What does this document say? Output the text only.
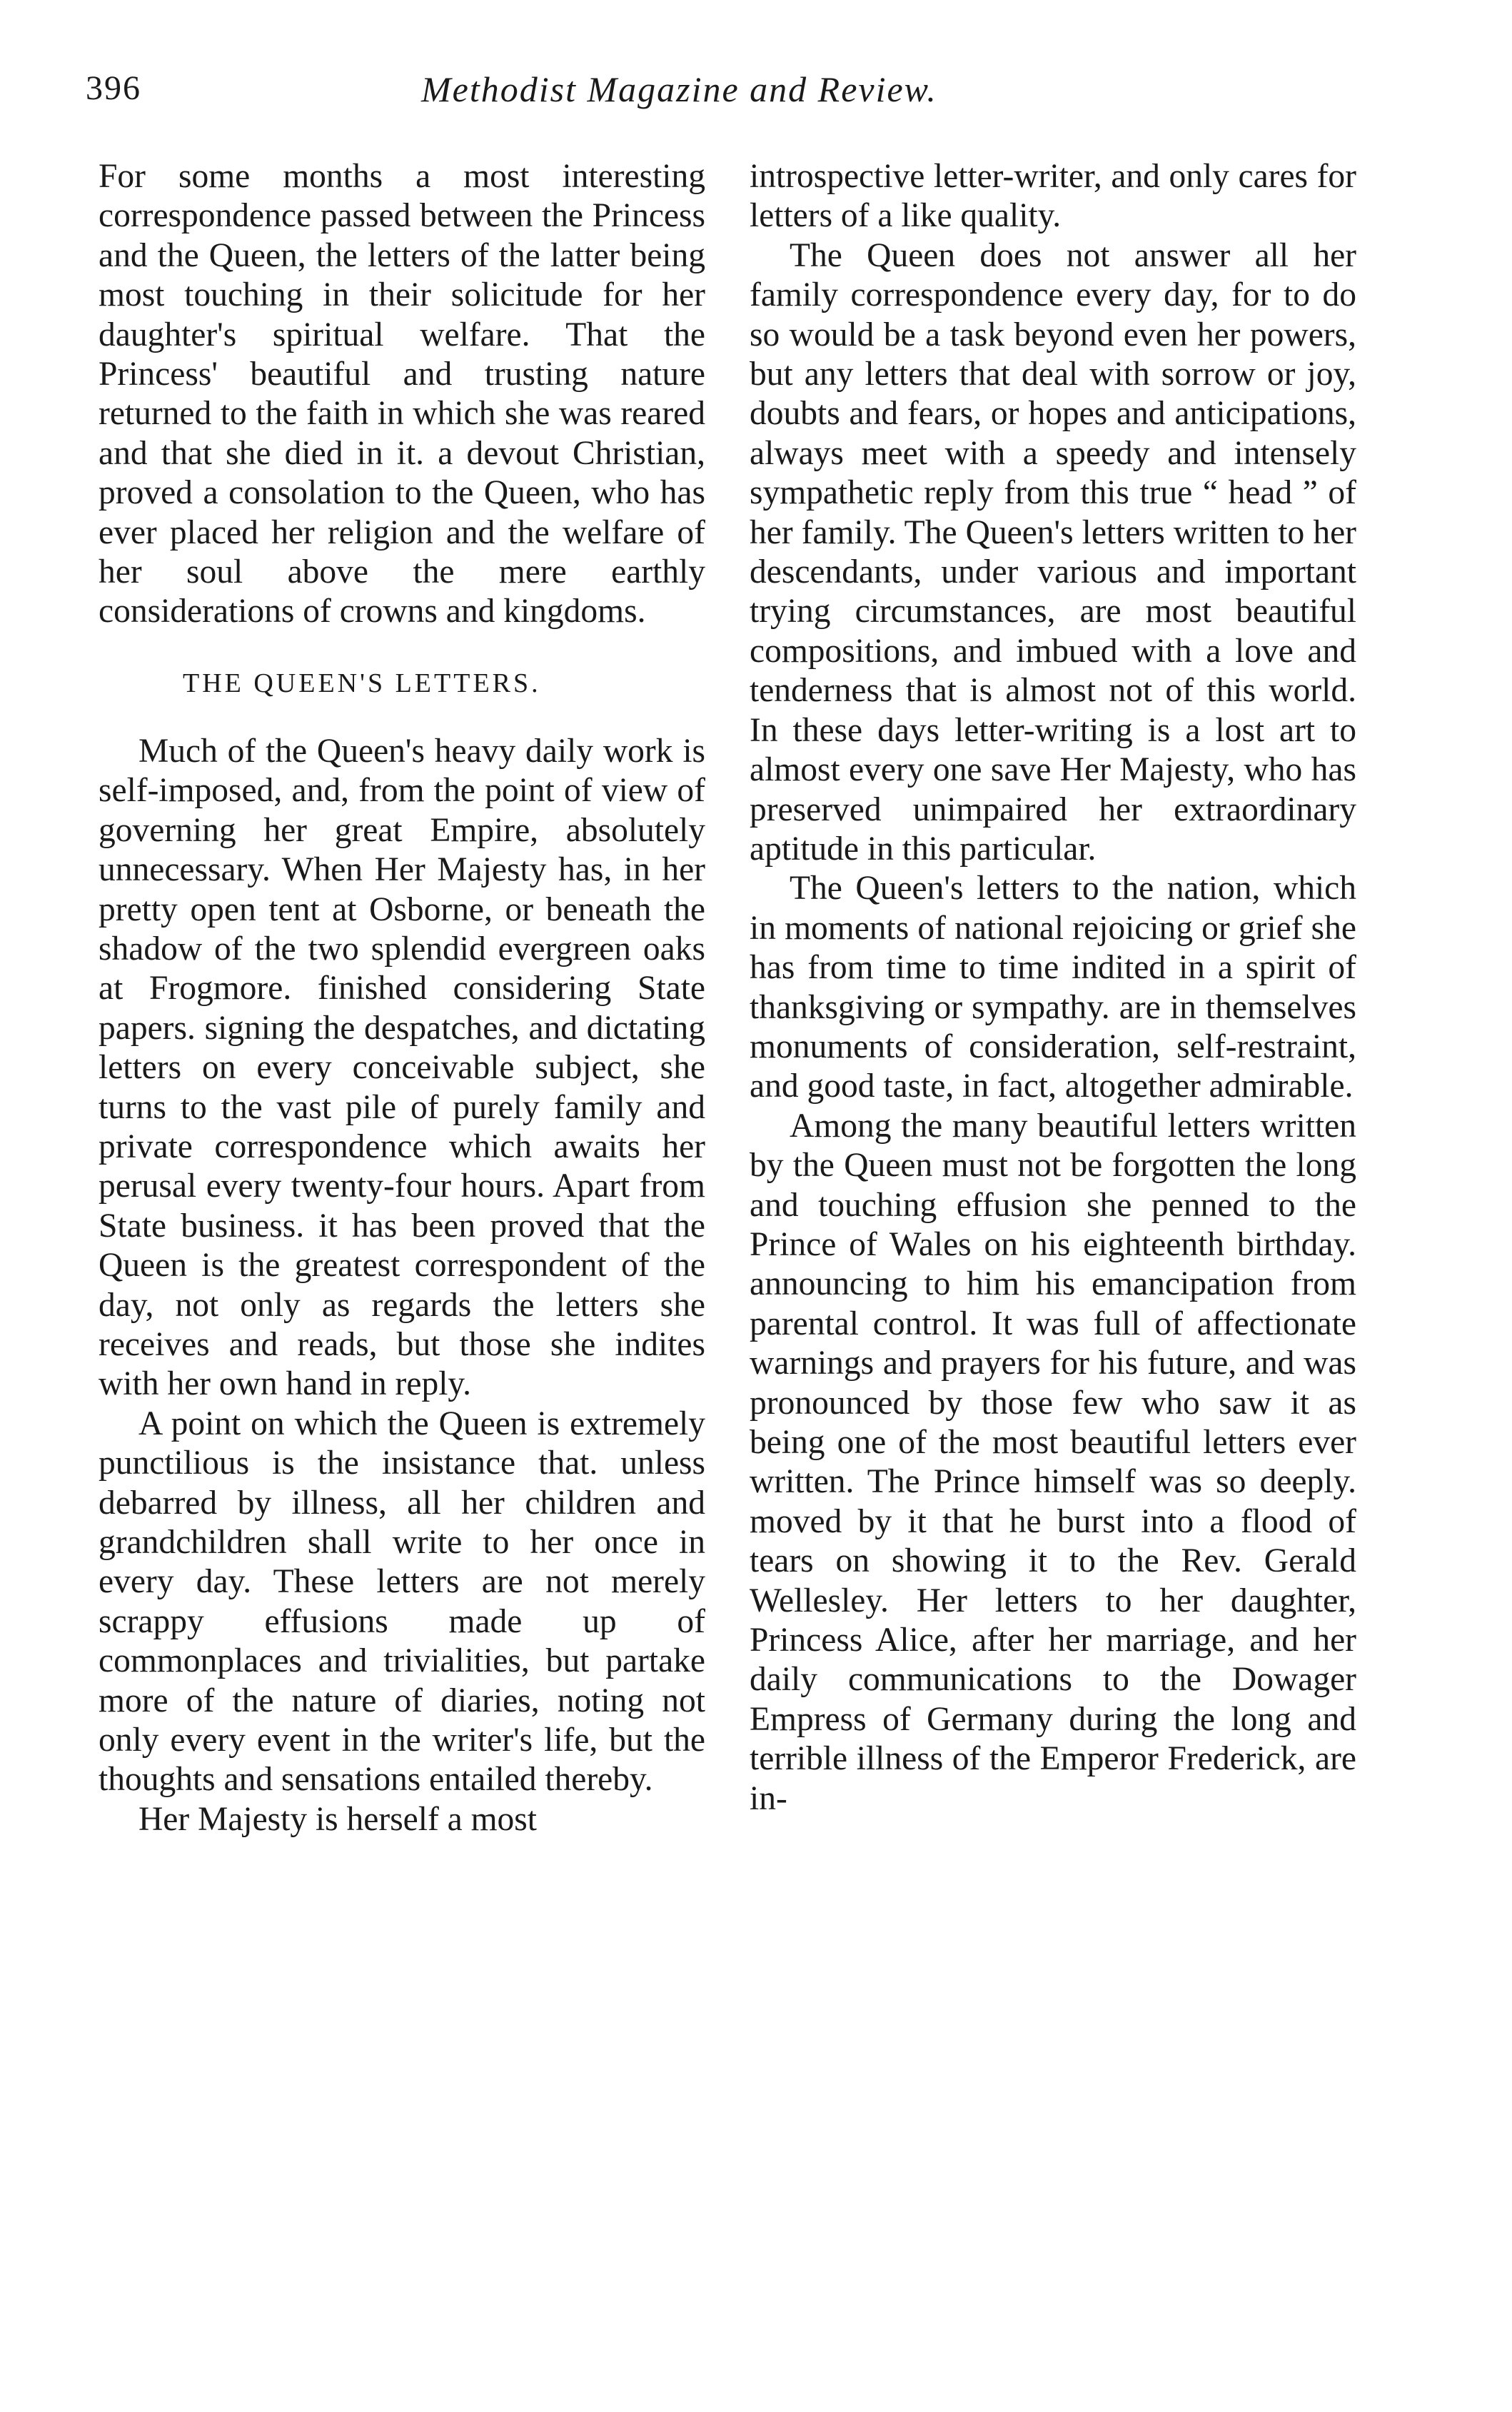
396	Methodist Magazine and Review.

For some months a most interesting correspondence passed between the Princess and the Queen, the letters of the latter being most touching in their solicitude for her daughter's spiritual welfare. That the Princess' beautiful and trusting nature returned to the faith in which she was reared and that she died in it. a devout Christian, proved a consolation to the Queen, who has ever placed her religion and the welfare of her soul above the mere earthly considerations of crowns and kingdoms.

THE QUEEN'S LETTERS.

Much of the Queen's heavy daily work is self-imposed, and, from the point of view of governing her great Empire, absolutely unnecessary. When Her Majesty has, in her pretty open tent at Osborne, or beneath the shadow of the two splendid evergreen oaks at Frogmore. finished considering State papers. signing the despatches, and dictating letters on every conceivable subject, she turns to the vast pile of purely family and private correspondence which awaits her perusal every twenty-four hours. Apart from State business. it has been proved that the Queen is the greatest correspondent of the day, not only as regards the letters she receives and reads, but those she indites with her own hand in reply.

A point on which the Queen is extremely punctilious is the insistance that. unless debarred by illness, all her children and grandchildren shall write to her once in every day. These letters are not merely scrappy effusions made up of commonplaces and trivialities, but partake more of the nature of diaries, noting not only every event in the writer's life, but the thoughts and sensations entailed thereby.

Her Majesty is herself a most

introspective letter-writer, and only cares for letters of a like quality.

The Queen does not answer all her family correspondence every day, for to do so would be a task beyond even her powers, but any letters that deal with sorrow or joy, doubts and fears, or hopes and anticipations, always meet with a speedy and intensely sympathetic reply from this true “ head ” of her family. The Queen's letters written to her descendants, under various and important trying circumstances, are most beautiful compositions, and imbued with a love and tenderness that is almost not of this world. In these days letter-writing is a lost art to almost every one save Her Majesty, who has preserved unimpaired her extraordinary aptitude in this particular.

The Queen's letters to the nation, which in moments of national rejoicing or grief she has from time to time indited in a spirit of thanksgiving or sympathy. are in themselves monuments of consideration, self-restraint, and good taste, in fact, altogether admirable.

Among the many beautiful letters written by the Queen must not be forgotten the long and touching effusion she penned to the Prince of Wales on his eighteenth birthday. announcing to him his emancipation from parental control. It was full of affectionate warnings and prayers for his future, and was pronounced by those few who saw it as being one of the most beautiful letters ever written. The Prince himself was so deeply. moved by it that he burst into a flood of tears on showing it to the Rev. Gerald Wellesley. Her letters to her daughter, Princess Alice, after her marriage, and her daily communications to the Dowager Empress of Germany during the long and terrible illness of the Emperor Frederick, are in-
